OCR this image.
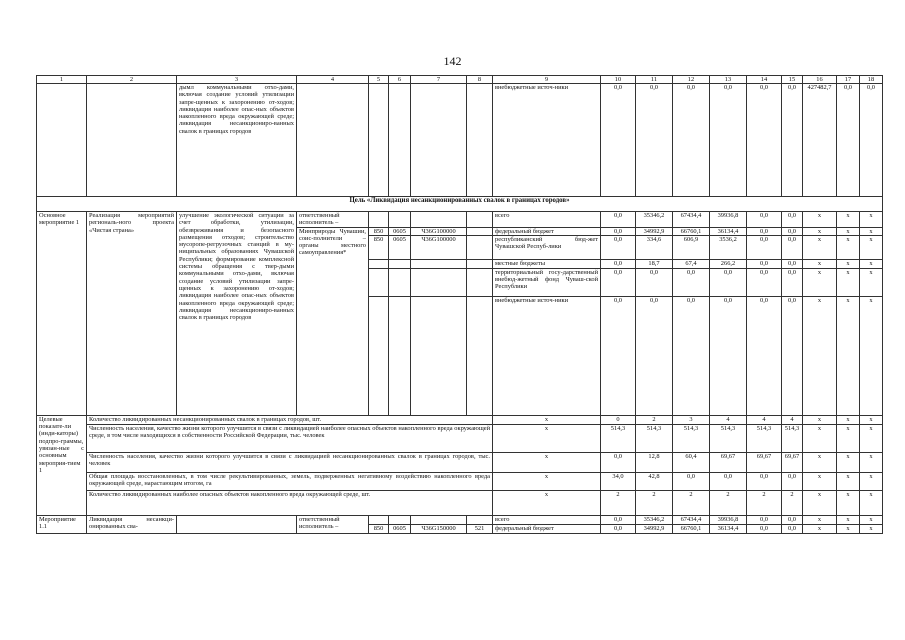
142
1	2	3	4	5	6	7	8	9	10	11	12	13	14	15	16	17	18
		дымл коммунальными отхо-дами, включая создание условий утилизации запре-щенных к захоронению от-ходов; ликвидация наиболее опас-ных объектов накопленного вреда окружающей среде; ликвидация несанкциониро-ванных свалок в границах городов						внебюджетные источ-ники	0,0	0,0	0,0	0,0	0,0	0,0	427482,7	0,0	0,0
Цель «Ликвидация несанкционированных свалок в границах городов»																	
Основное мероприятие 1	Реализация мероприятий региональ-ного проекта «Чистая страна»	улучшение экологической ситуации за счет обработки, утилизации, обезвреживания и безопасного размещения отходов; строительство мусоропе-регрузочных станций в му-ниципальных образованиях Чувашской Республики; формирование комплексной системы обращения с твер-дыми коммунальными отхо-дами, включая создание условий утилизации запре-щенных к захоронению от-ходов; ликвидация наиболее опас-ных объектов накопленного вреда окружающей среде; ликвидация несанкциониро-ванных свалок в границах городов	ответственный исполнитель –					всего	0,0	35346,2	67434,4	39936,8	0,0	0,0	x	x	x
			Минприроды Чувашии, соис-полнители – органы местного самоуправления*	850	0605	Ч36G100000		федеральный бюджет	0,0	34992,9	66760,1	36134,4	0,0	0,0	x	x	x
				850	0605	Ч36G100000		республиканский бюд-жет Чувашской Респуб-лики	0,0	334,6	606,9	3536,2	0,0	0,0	x	x	x
								местные бюджеты	0,0	18,7	67,4	266,2	0,0	0,0	x	x	x
								территориальный госу-дарственный внебюд-жетный фонд Чуваш-ской Республики	0,0	0,0	0,0	0,0	0,0	0,0	x	x	x
								внебюджетные источ-ники	0,0	0,0	0,0	0,0	0,0	0,0	x	x	x
Целевые показате-ли (инди-каторы) подпро-граммы, увязан-ные с основным мероприя-тием 1	Количество ликвидированных несанкционированных свалок в границах городов, шт.							x	0	2	3	4	4	4	x	x	x
	Численность населения, качество жизни которого улучшится в связи с ликвидацией наиболее опасных объектов накопленного вреда окружающей среде, в том числе находящихся в собственности Российской Федерации, тыс. человек							x	514,3	514,3	514,3	514,3	514,3	514,3	x	x	x
	Численность населения, качество жизни которого улучшится в связи с ликвидацией несанкционированных свалок в границах городов, тыс. человек							x	0,0	12,8	60,4	69,67	69,67	69,67	x	x	x
	Общая площадь восстановленных, в том числе рекультивированных, земель, подверженных негативному воздействию накопленного вреда окружающей среде, нарастающим итогом, га							x	34,0	42,8	0,0	0,0	0,0	0,0	x	x	x
	Количество ликвидированных наиболее опасных объектов накопленного вреда окружающей среде, шт.							x	2	2	2	2	2	2	x	x	x
Мероприятие 1.1	Ликвидация несанкци-онированных сва-		ответственный исполнитель –					всего	0,0	35346,2	67434,4	39936,8	0,0	0,0	x	x	x
				850	0605	Ч36G150000	521	федеральный бюджет	0,0	34992,9	66760,1	36134,4	0,0	0,0	x	x	x
